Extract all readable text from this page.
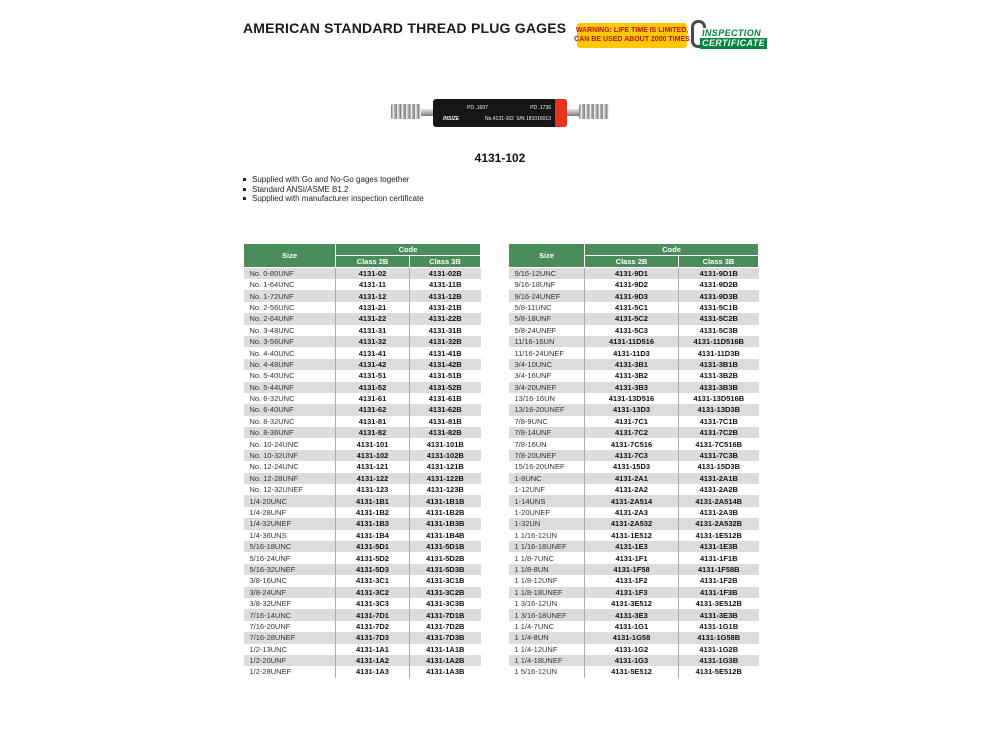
AMERICAN STANDARD THREAD PLUG GAGES WARNING: LIFE TIME IS LIMITED,
CAN BE USED ABOUT 2000 TIMES
INSPECTION
CERTIFICATE
PD .1697	PD .1736
INSIZE	No.4131-102 S/N 181016013
4131-102
Supplied with Go and No-Go gages together
Standard ANSI/ASME B1.2
Supplied with manufacturer inspection certificate
Size	Code	
	Class 2B	Class 3B
No. 0-80UNF	4131-02	4131-02B
No. 1-64UNC	4131-11	4131-11B
No. 1-72UNF	4131-12	4131-12B
No. 2-56UNC	4131-21	4131-21B
No. 2-64UNF	4131-22	4131-22B
No. 3-48UNC	4131-31	4131-31B
No. 3-56UNF	4131-32	4131-32B
No. 4-40UNC	4131-41	4131-41B
No. 4-48UNF	4131-42	4131-42B
No. 5-40UNC	4131-51	4131-51B
No. 5-44UNF	4131-52	4131-52B
No. 6-32UNC	4131-61	4131-61B
No. 6-40UNF	4131-62	4131-62B
No. 8-32UNC	4131-81	4131-81B
No. 8-36UNF	4131-82	4131-82B
No. 10-24UNC	4131-101	4131-101B
No. 10-32UNF	4131-102	4131-102B
No. 12-24UNC	4131-121	4131-121B
No. 12-28UNF	4131-122	4131-122B
No. 12-32UNEF	4131-123	4131-123B
1/4-20UNC	4131-1B1	4131-1B1B
1/4-28UNF	4131-1B2	4131-1B2B
1/4-32UNEF	4131-1B3	4131-1B3B
1/4-36UNS	4131-1B4	4131-1B4B
5/16-18UNC	4131-5D1	4131-5D1B
5/16-24UNF	4131-5D2	4131-5D2B
5/16-32UNEF	4131-5D3	4131-5D3B
3/8-16UNC	4131-3C1	4131-3C1B
3/8-24UNF	4131-3C2	4131-3C2B
3/8-32UNEF	4131-3C3	4131-3C3B
7/16-14UNC	4131-7D1	4131-7D1B
7/16-20UNF	4131-7D2	4131-7D2B
7/16-28UNEF	4131-7D3	4131-7D3B
1/2-13UNC	4131-1A1	4131-1A1B
1/2-20UNF	4131-1A2	4131-1A2B
1/2-28UNEF	4131-1A3	4131-1A3B
Size	Code	
	Class 2B	Class 3B
9/16-12UNC	4131-9D1	4131-9D1B
9/16-18UNF	4131-9D2	4131-9D2B
9/16-24UNEF	4131-9D3	4131-9D3B
5/8-11UNC	4131-5C1	4131-5C1B
5/8-18UNF	4131-5C2	4131-5C2B
5/8-24UNEF	4131-5C3	4131-5C3B
11/16-16UN	4131-11D516	4131-11D516B
11/16-24UNEF	4131-11D3	4131-11D3B
3/4-10UNC	4131-3B1	4131-3B1B
3/4-16UNF	4131-3B2	4131-3B2B
3/4-20UNEF	4131-3B3	4131-3B3B
13/16-16UN	4131-13D516	4131-13D516B
13/16-20UNEF	4131-13D3	4131-13D3B
7/8-9UNC	4131-7C1	4131-7C1B
7/8-14UNF	4131-7C2	4131-7C2B
7/8-16UN	4131-7C516	4131-7C516B
7/8-20UNEF	4131-7C3	4131-7C3B
15/16-20UNEF	4131-15D3	4131-15D3B
1-8UNC	4131-2A1	4131-2A1B
1-12UNF	4131-2A2	4131-2A2B
1-14UNS	4131-2A514	4131-2A514B
1-20UNEF	4131-2A3	4131-2A3B
1-32UN	4131-2A532	4131-2A532B
1 1/16-12UN	4131-1E512	4131-1E512B
1 1/16-18UNEF	4131-1E3	4131-1E3B
1 1/8-7UNC	4131-1F1	4131-1F1B
1 1/8-8UN	4131-1F58	4131-1F58B
1 1/8-12UNF	4131-1F2	4131-1F2B
1 1/8-18UNEF	4131-1F3	4131-1F3B
1 3/16-12UN	4131-3E512	4131-3E512B
1 3/16-18UNEF	4131-3E3	4131-3E3B
1 1/4-7UNC	4131-1G1	4131-1G1B
1 1/4-8UN	4131-1G58	4131-1G58B
1 1/4-12UNF	4131-1G2	4131-1G2B
1 1/4-18UNEF	4131-1G3	4131-1G3B
1 5/16-12UN	4131-5E512	4131-5E512B
